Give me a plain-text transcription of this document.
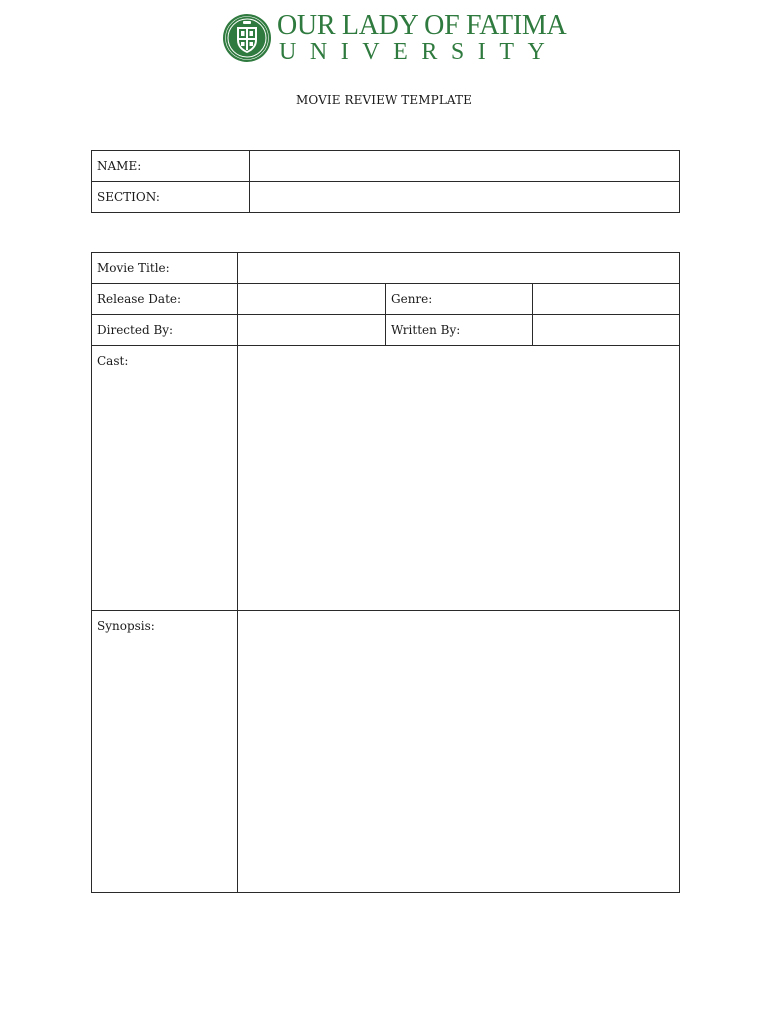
OUR LADY OF FATIMA
U N I V E R S I T Y
MOVIE REVIEW TEMPLATE
NAME:	
SECTION:	
Movie Title:			
Release Date:		Genre:	
Directed By:		Written By:	
Cast:			
Synopsis:			
